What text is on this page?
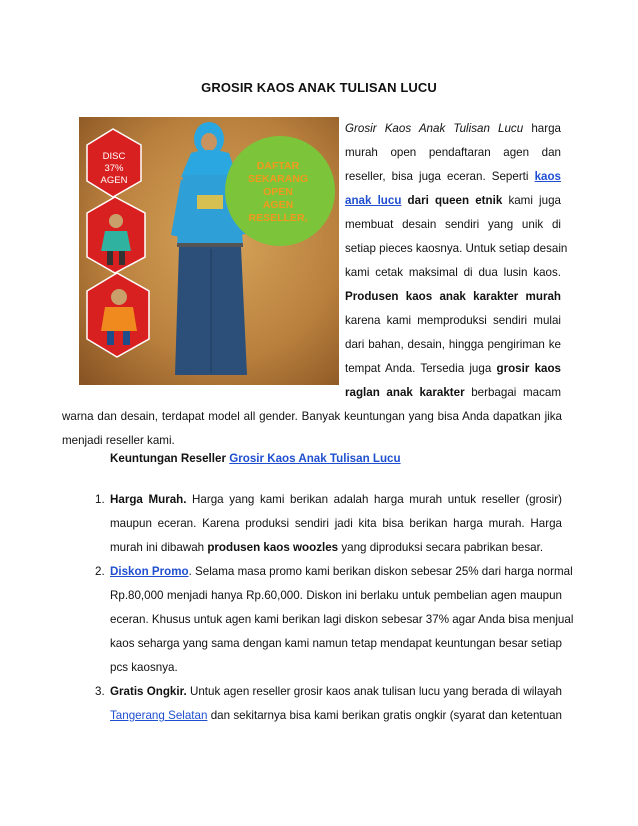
GROSIR KAOS ANAK TULISAN LUCU
DISC
37%
AGEN
DAFTAR
SEKARANG
OPEN
AGEN
RESELLER,
Grosir Kaos Anak Tulisan Lucu harga
murah open pendaftaran agen dan
reseller, bisa juga eceran. Seperti kaos
anak lucu dari queen etnik kami juga
membuat desain sendiri yang unik di
setiap pieces kaosnya. Untuk setiap desain
kami cetak maksimal di dua lusin kaos.
Produsen kaos anak karakter murah
karena kami memproduksi sendiri mulai
dari bahan, desain, hingga pengiriman ke
tempat Anda. Tersedia juga grosir kaos
raglan anak karakter berbagai macam
warna dan desain, terdapat model all gender. Banyak keuntungan yang bisa Anda dapatkan jika
menjadi reseller kami.
Keuntungan Reseller Grosir Kaos Anak Tulisan Lucu
1. Harga Murah. Harga yang kami berikan adalah harga murah untuk reseller (grosir)
maupun eceran. Karena produksi sendiri jadi kita bisa berikan harga murah. Harga
murah ini dibawah produsen kaos woozles yang diproduksi secara pabrikan besar.
2. Diskon Promo. Selama masa promo kami berikan diskon sebesar 25% dari harga normal
Rp.80,000 menjadi hanya Rp.60,000. Diskon ini berlaku untuk pembelian agen maupun
eceran. Khusus untuk agen kami berikan lagi diskon sebesar 37% agar Anda bisa menjual
kaos seharga yang sama dengan kami namun tetap mendapat keuntungan besar setiap
pcs kaosnya.
3. Gratis Ongkir. Untuk agen reseller grosir kaos anak tulisan lucu yang berada di wilayah
Tangerang Selatan dan sekitarnya bisa kami berikan gratis ongkir (syarat dan ketentuan
